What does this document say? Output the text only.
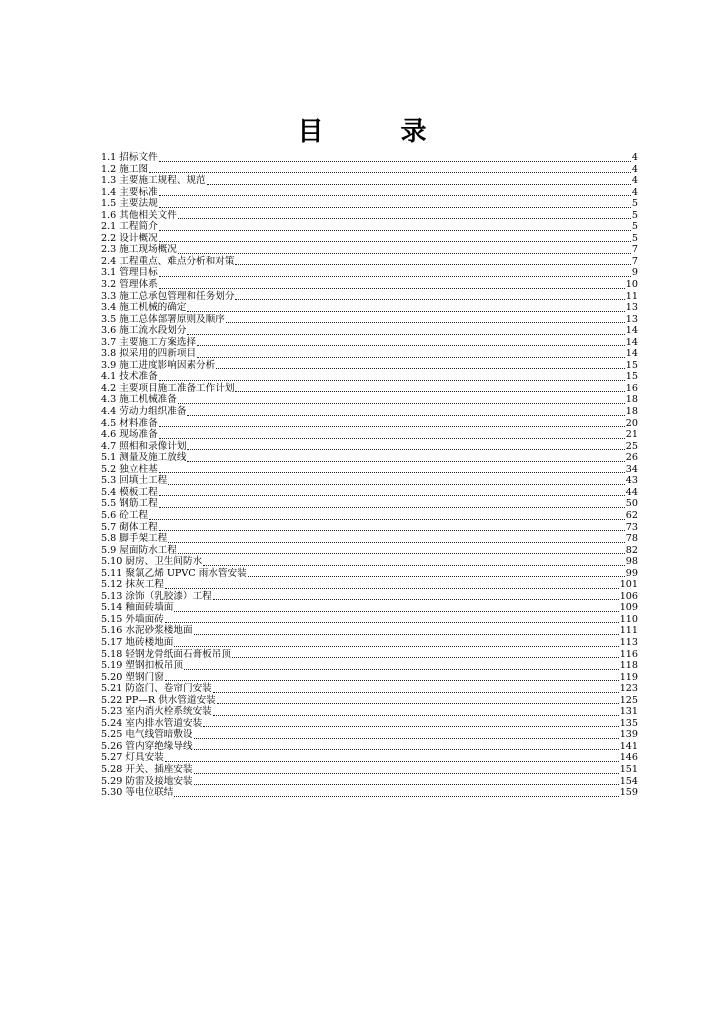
目 录
1.1 招标文件	4
1.2 施工图	4
1.3 主要施工规程、规范	4
1.4 主要标准	4
1.5 主要法规	5
1.6 其他相关文件	5
2.1 工程简介	5
2.2 设计概况	5
2.3 施工现场概况	7
2.4 工程重点、难点分析和对策	7
3.1 管理目标	9
3.2 管理体系	10
3.3 施工总承包管理和任务划分	11
3.4 施工机械的确定	13
3.5 施工总体部署原则及顺序	13
3.6 施工流水段划分	14
3.7 主要施工方案选择	14
3.8 拟采用的四新项目	14
3.9 施工进度影响因素分析	15
4.1 技术准备	15
4.2 主要项目施工准备工作计划	16
4.3 施工机械准备	18
4.4 劳动力组织准备	18
4.5 材料准备	20
4.6 现场准备	21
4.7 照相和录像计划	25
5.1 测量及施工放线	26
5.2 独立柱基	34
5.3 回填土工程	43
5.4 模板工程	44
5.5 钢筋工程	50
5.6 砼工程	62
5.7 砌体工程	73
5.8 脚手架工程	78
5.9 屋面防水工程	82
5.10 厨房、卫生间防水	98
5.11 聚氯乙烯 UPVC 雨水管安装	99
5.12 抹灰工程	101
5.13 涂饰（乳胶漆）工程	106
5.14 釉面砖墙面	109
5.15 外墙面砖	110
5.16 水泥砂浆楼地面	111
5.17 地砖楼地面	113
5.18 轻钢龙骨纸面石膏板吊顶	116
5.19 塑钢扣板吊顶	118
5.20 塑钢门窗	119
5.21 防盗门、卷帘门安装	123
5.22 PP—R 供水管道安装	125
5.23 室内消火栓系统安装	131
5.24 室内排水管道安装	135
5.25 电气线管暗敷设	139
5.26 管内穿绝缘导线	141
5.27 灯具安装	146
5.28 开关、插座安装	151
5.29 防雷及接地安装	154
5.30 等电位联结	159
